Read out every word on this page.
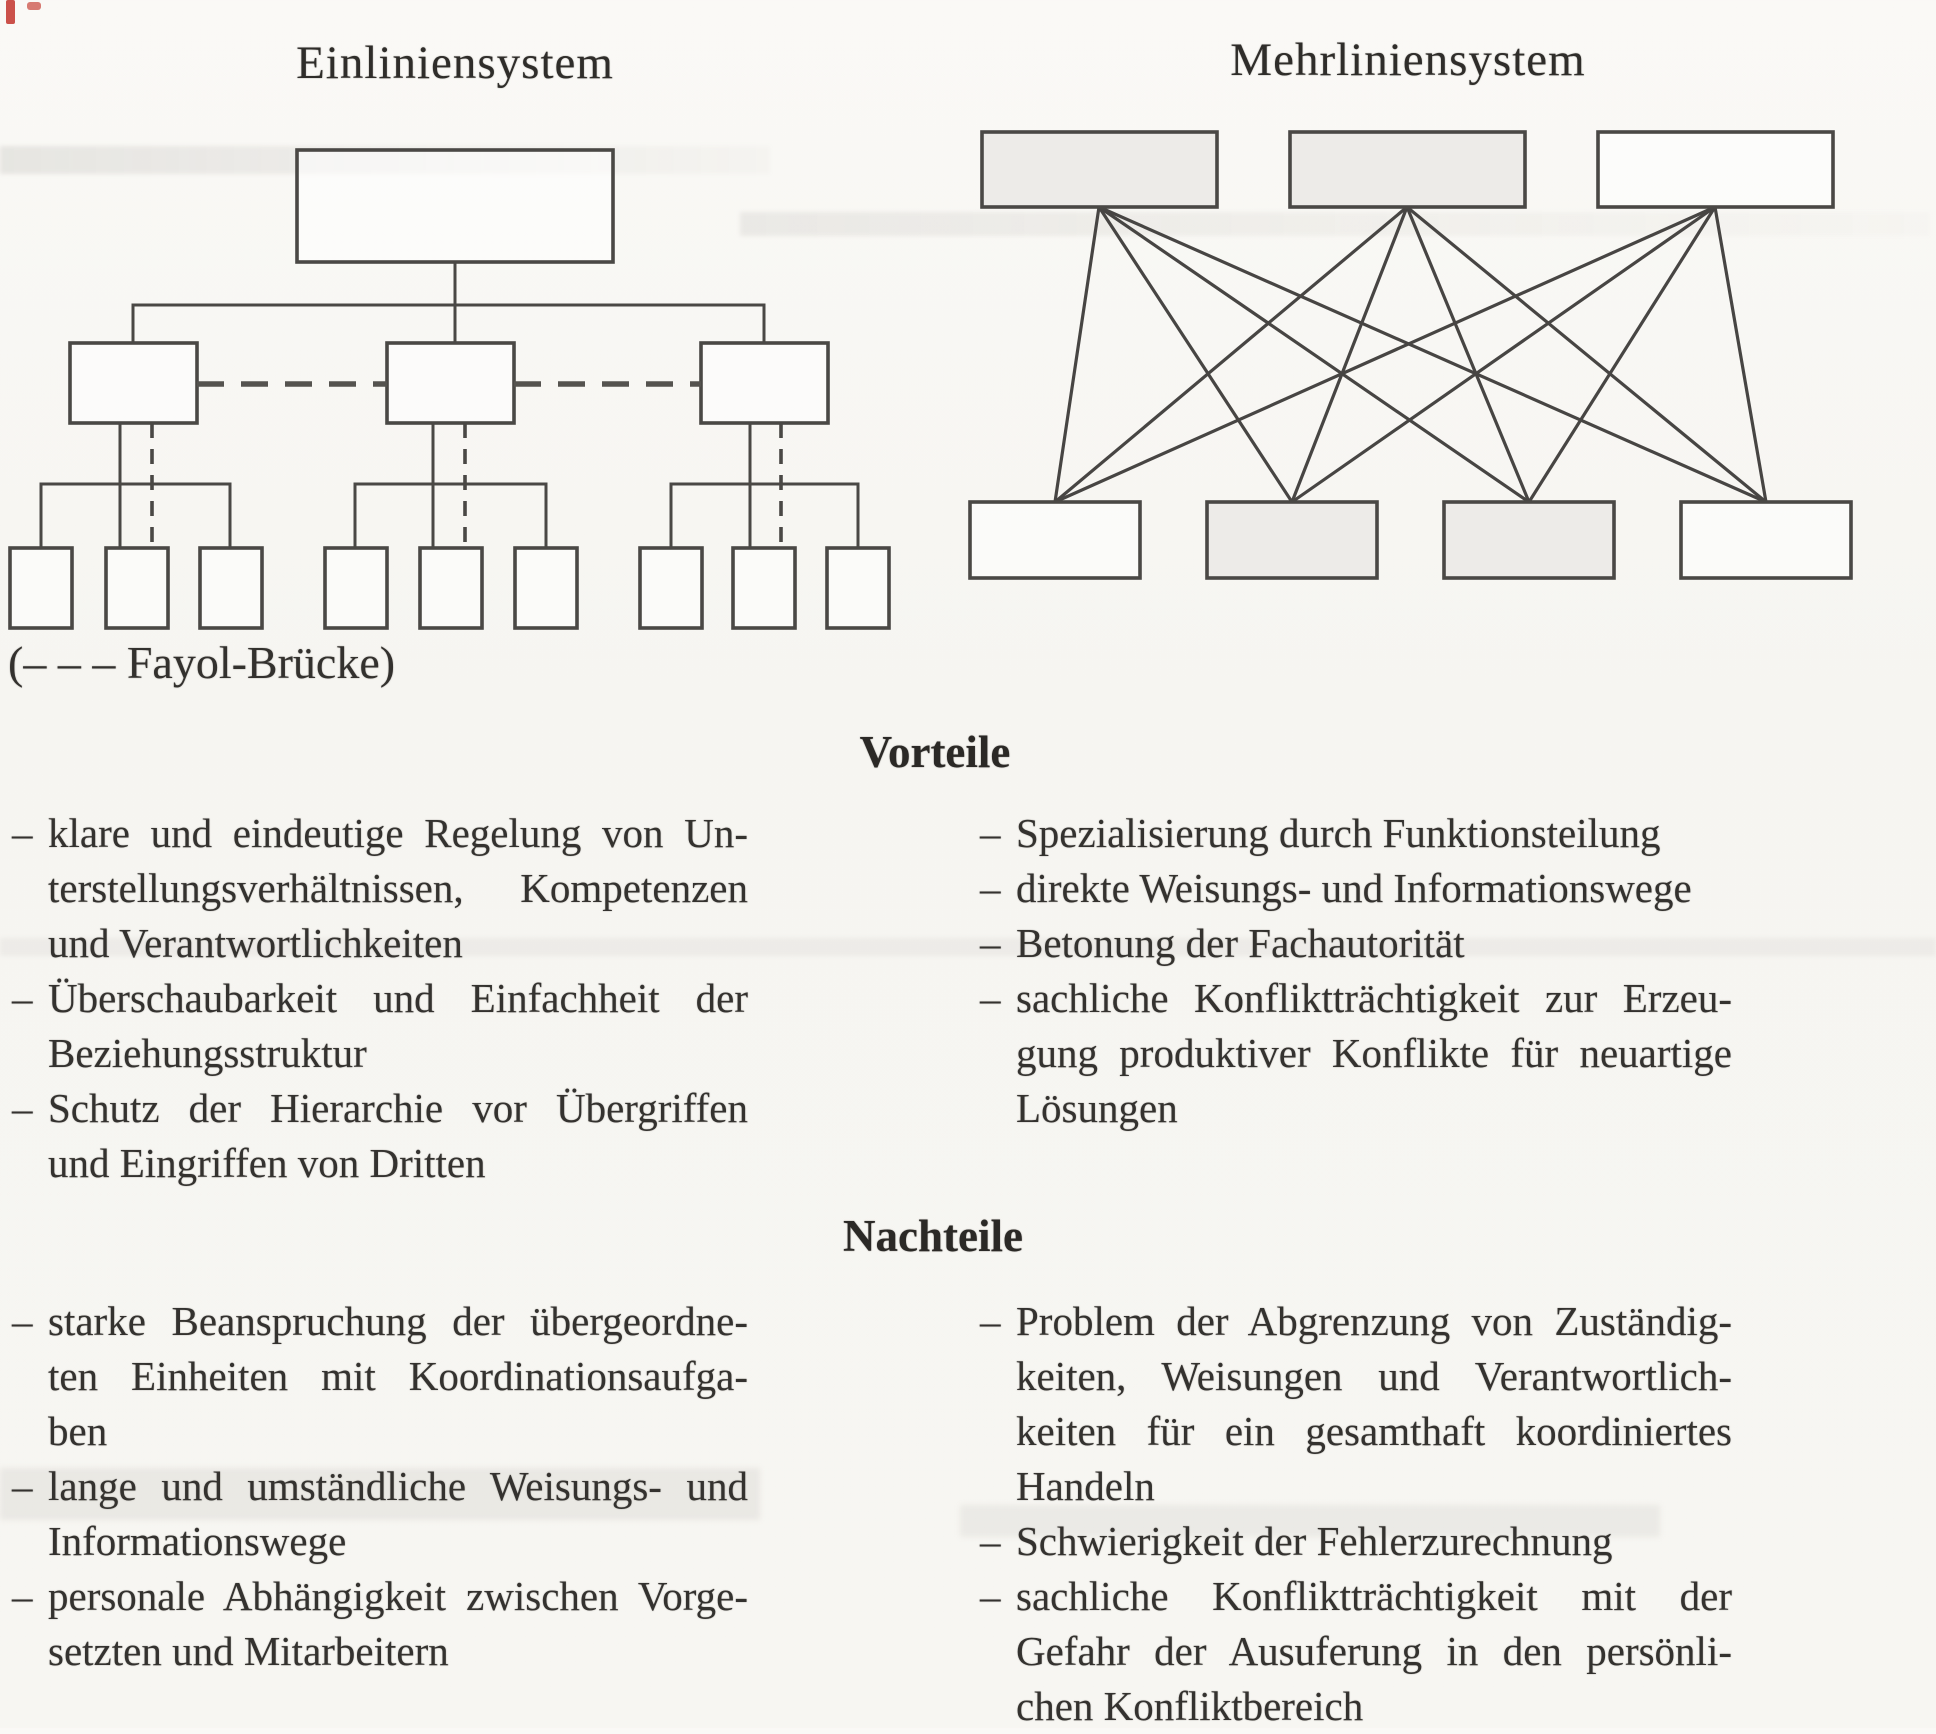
Einliniensystem	Mehrliniensystem
(– – – Fayol-Brücke)
Vorteile
Nachteile
– klare und eindeutige Regelung von Un-
terstellungsverhältnissen, Kompetenzen
und Verantwortlichkeiten
– Überschaubarkeit und Einfachheit der
Beziehungsstruktur
– Schutz der Hierarchie vor Übergriffen
und Eingriffen von Dritten
– Spezialisierung durch Funktionsteilung
– direkte Weisungs- und Informationswege
– Betonung der Fachautorität
– sachliche Konfliktträchtigkeit zur Erzeu-
gung produktiver Konflikte für neuartige
Lösungen
– starke Beanspruchung der übergeordne-
ten Einheiten mit Koordinationsaufga-
ben
– lange und umständliche Weisungs- und
Informationswege
– personale Abhängigkeit zwischen Vorge-
setzten und Mitarbeitern
– Problem der Abgrenzung von Zuständig-
keiten, Weisungen und Verantwortlich-
keiten für ein gesamthaft koordiniertes
Handeln
– Schwierigkeit der Fehlerzurechnung
– sachliche Konfliktträchtigkeit mit der
Gefahr der Ausuferung in den persönli-
chen Konfliktbereich
